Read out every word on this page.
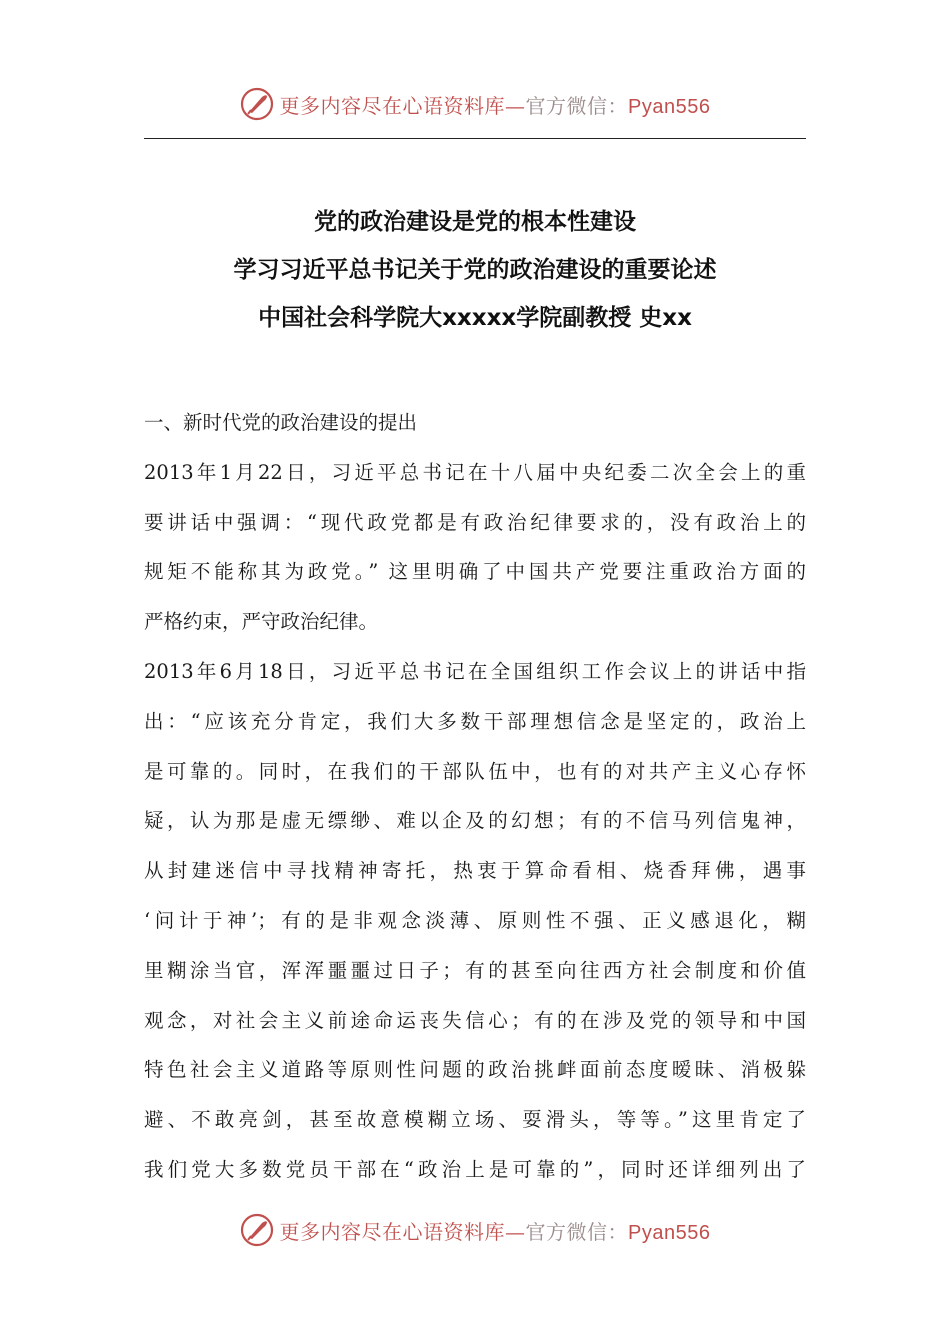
更多内容尽在心语资料库—官方微信：Pyan556
党的政治建设是党的根本性建设
学习习近平总书记关于党的政治建设的重要论述
中国社会科学院大xxxxx学院副教授 史xx
一、新时代党的政治建设的提出
2013年1月22日，习近平总书记在十八届中央纪委二次全会上的重
要讲话中强调：“现代政党都是有政治纪律要求的，没有政治上的
规矩不能称其为政党。” 这里明确了中国共产党要注重政治方面的
严格约束，严守政治纪律。
2013年6月18日，习近平总书记在全国组织工作会议上的讲话中指
出：“应该充分肯定，我们大多数干部理想信念是坚定的，政治上
是可靠的。同时，在我们的干部队伍中，也有的对共产主义心存怀
疑，认为那是虚无缥缈、难以企及的幻想；有的不信马列信鬼神，
从封建迷信中寻找精神寄托，热衷于算命看相、烧香拜佛，遇事
‘问计于神’；有的是非观念淡薄、原则性不强、正义感退化，糊
里糊涂当官，浑浑噩噩过日子；有的甚至向往西方社会制度和价值
观念，对社会主义前途命运丧失信心；有的在涉及党的领导和中国
特色社会主义道路等原则性问题的政治挑衅面前态度暧昧、消极躲
避、不敢亮剑，甚至故意模糊立场、耍滑头，等等。”这里肯定了
我们党大多数党员干部在“政治上是可靠的”，同时还详细列出了
更多内容尽在心语资料库—官方微信：Pyan556
